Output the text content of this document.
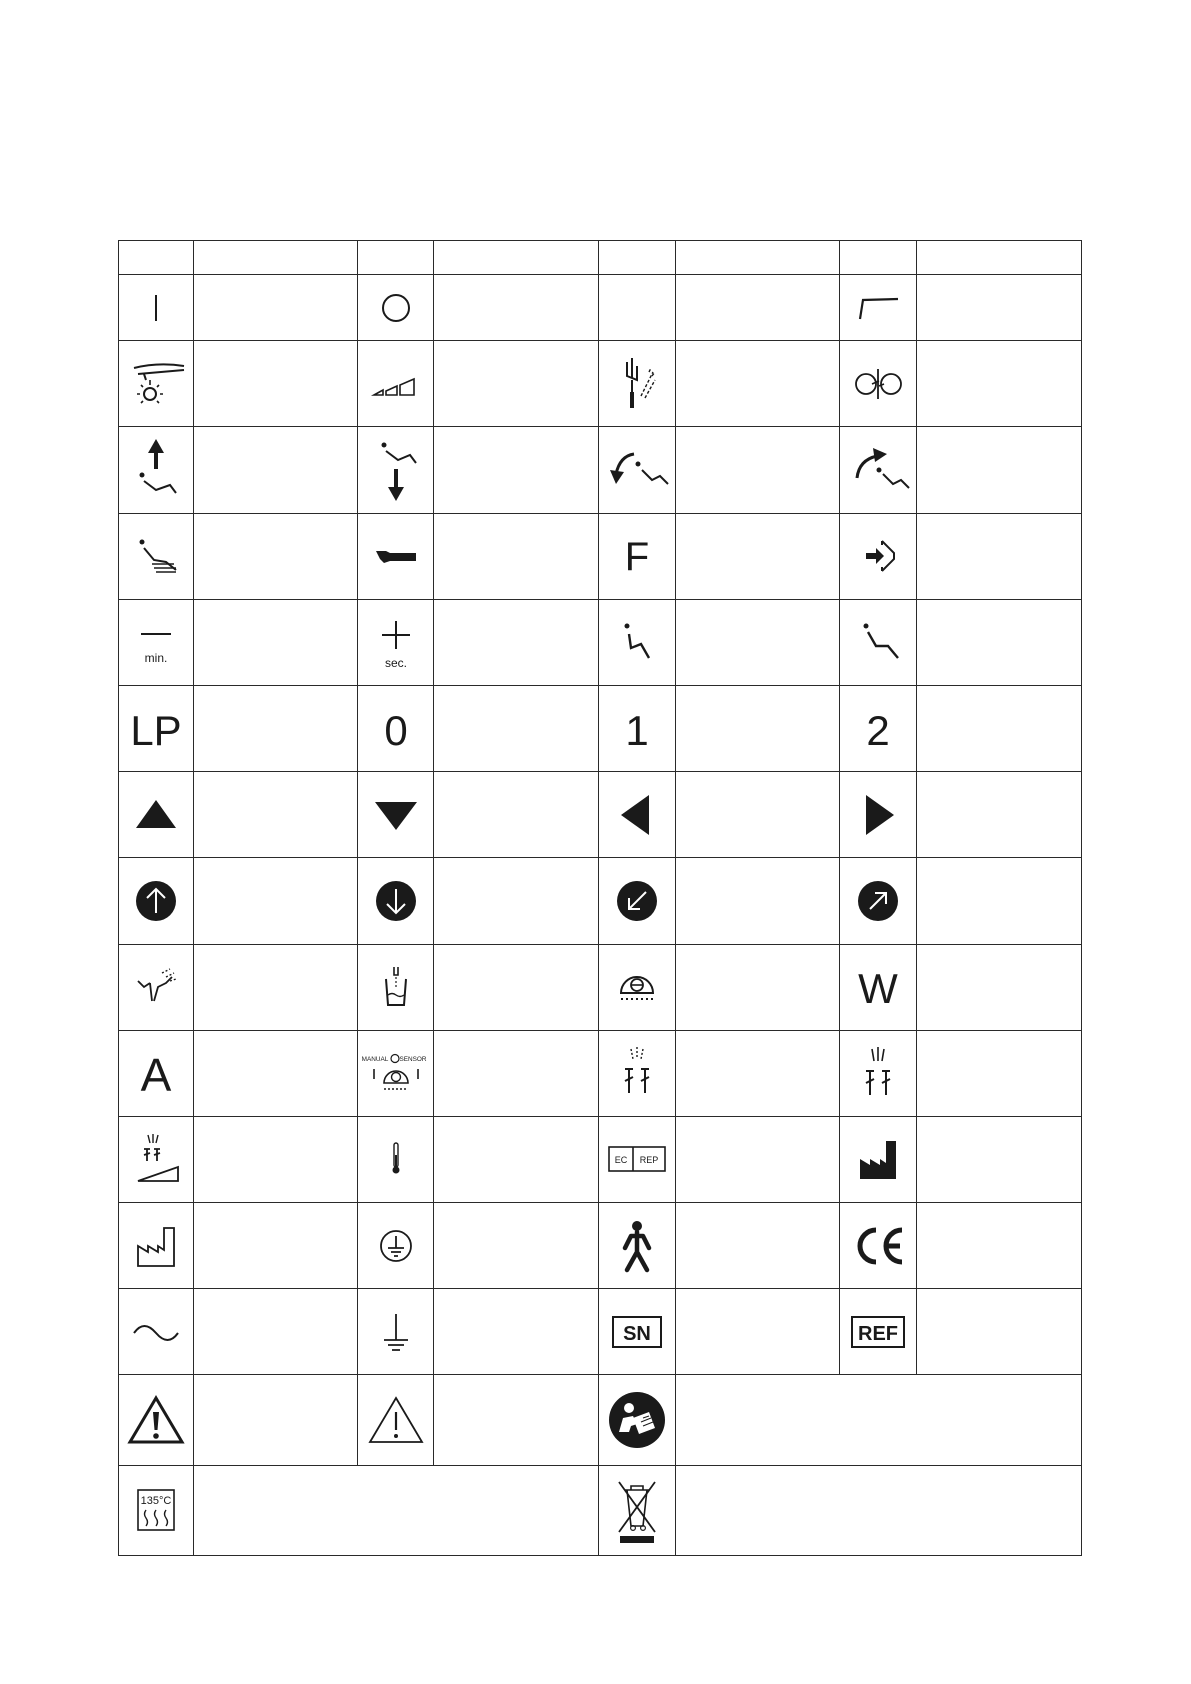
F

min.		sec.

LP		0		1		2	

W	

A		MANUAL SENSOR

EC REP

CE	

SN		REF	

135°C
